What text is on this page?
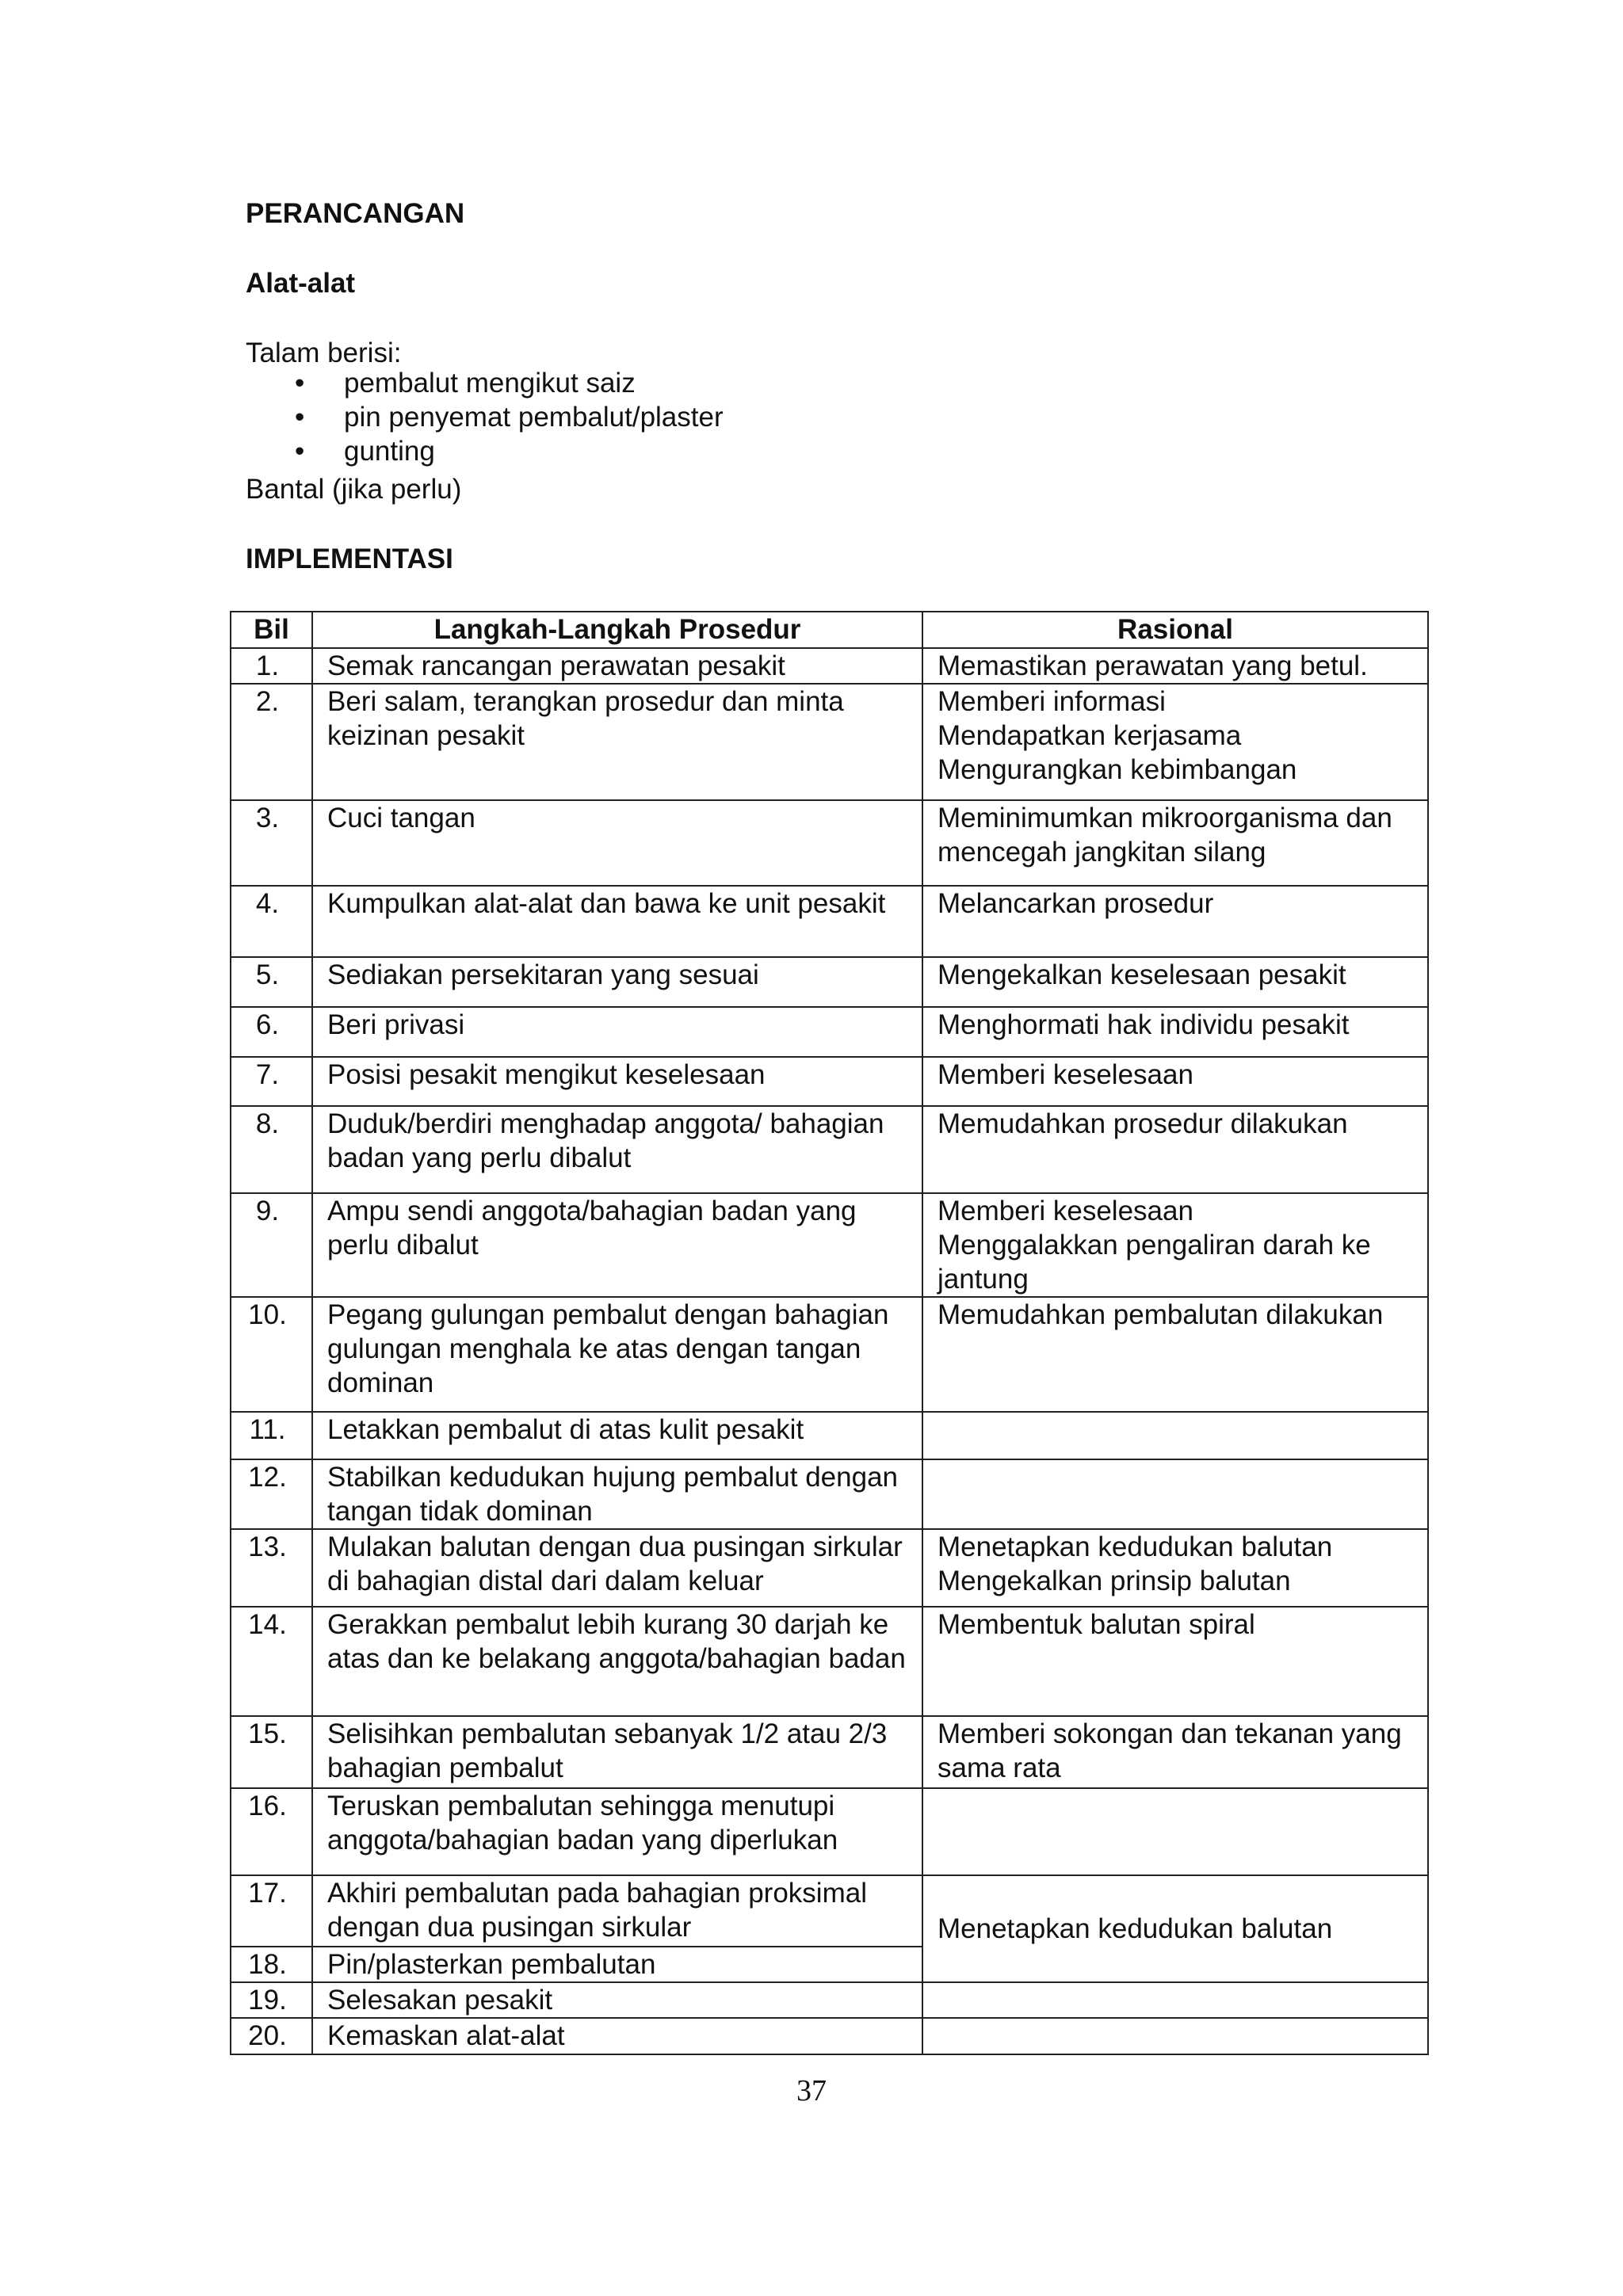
PERANCANGAN

Alat-alat

Talam berisi:

• pembalut mengikut saiz
• pin penyemat pembalut/plaster
• gunting

Bantal (jika perlu)

IMPLEMENTASI

Bil	Langkah-Langkah Prosedur	Rasional
1.	Semak rancangan perawatan pesakit	Memastikan perawatan yang betul.
2.	Beri salam, terangkan prosedur dan minta keizinan pesakit	Memberi informasi
Mendapatkan kerjasama
Mengurangkan kebimbangan

3.	Cuci tangan	Meminimumkan mikroorganisma dan mencegah jangkitan silang
4.	Kumpulkan alat-alat dan bawa ke unit pesakit	Melancarkan prosedur
5.	Sediakan persekitaran yang sesuai	Mengekalkan keselesaan pesakit
6.	Beri privasi	Menghormati hak individu pesakit
7.	Posisi pesakit mengikut keselesaan	Memberi keselesaan
8.	Duduk/berdiri menghadap anggota/ bahagian badan yang perlu dibalut	Memudahkan prosedur dilakukan
9.	Ampu sendi anggota/bahagian badan yang perlu dibalut	Memberi keselesaan
Menggalakkan pengaliran darah ke jantung

10.	Pegang gulungan pembalut dengan bahagian gulungan menghala ke atas dengan tangan dominan	Memudahkan pembalutan dilakukan
11.	Letakkan pembalut di atas kulit pesakit	
12.	Stabilkan kedudukan hujung pembalut dengan tangan tidak dominan	
13.	Mulakan balutan dengan dua pusingan sirkular di bahagian distal dari dalam keluar	Menetapkan kedudukan balutan
Mengekalkan prinsip balutan

14.	Gerakkan pembalut lebih kurang 30 darjah ke atas dan ke belakang anggota/bahagian badan	Membentuk balutan spiral
15.	Selisihkan pembalutan sebanyak 1/2 atau 2/3 bahagian pembalut	Memberi sokongan dan tekanan yang sama rata
16.	Teruskan pembalutan sehingga menutupi anggota/bahagian badan yang diperlukan	
17.	Akhiri pembalutan pada bahagian proksimal dengan dua pusingan sirkular	Menetapkan kedudukan balutan
18.	Pin/plasterkan pembalutan	
19.	Selesakan pesakit	
20.	Kemaskan alat-alat	
37
